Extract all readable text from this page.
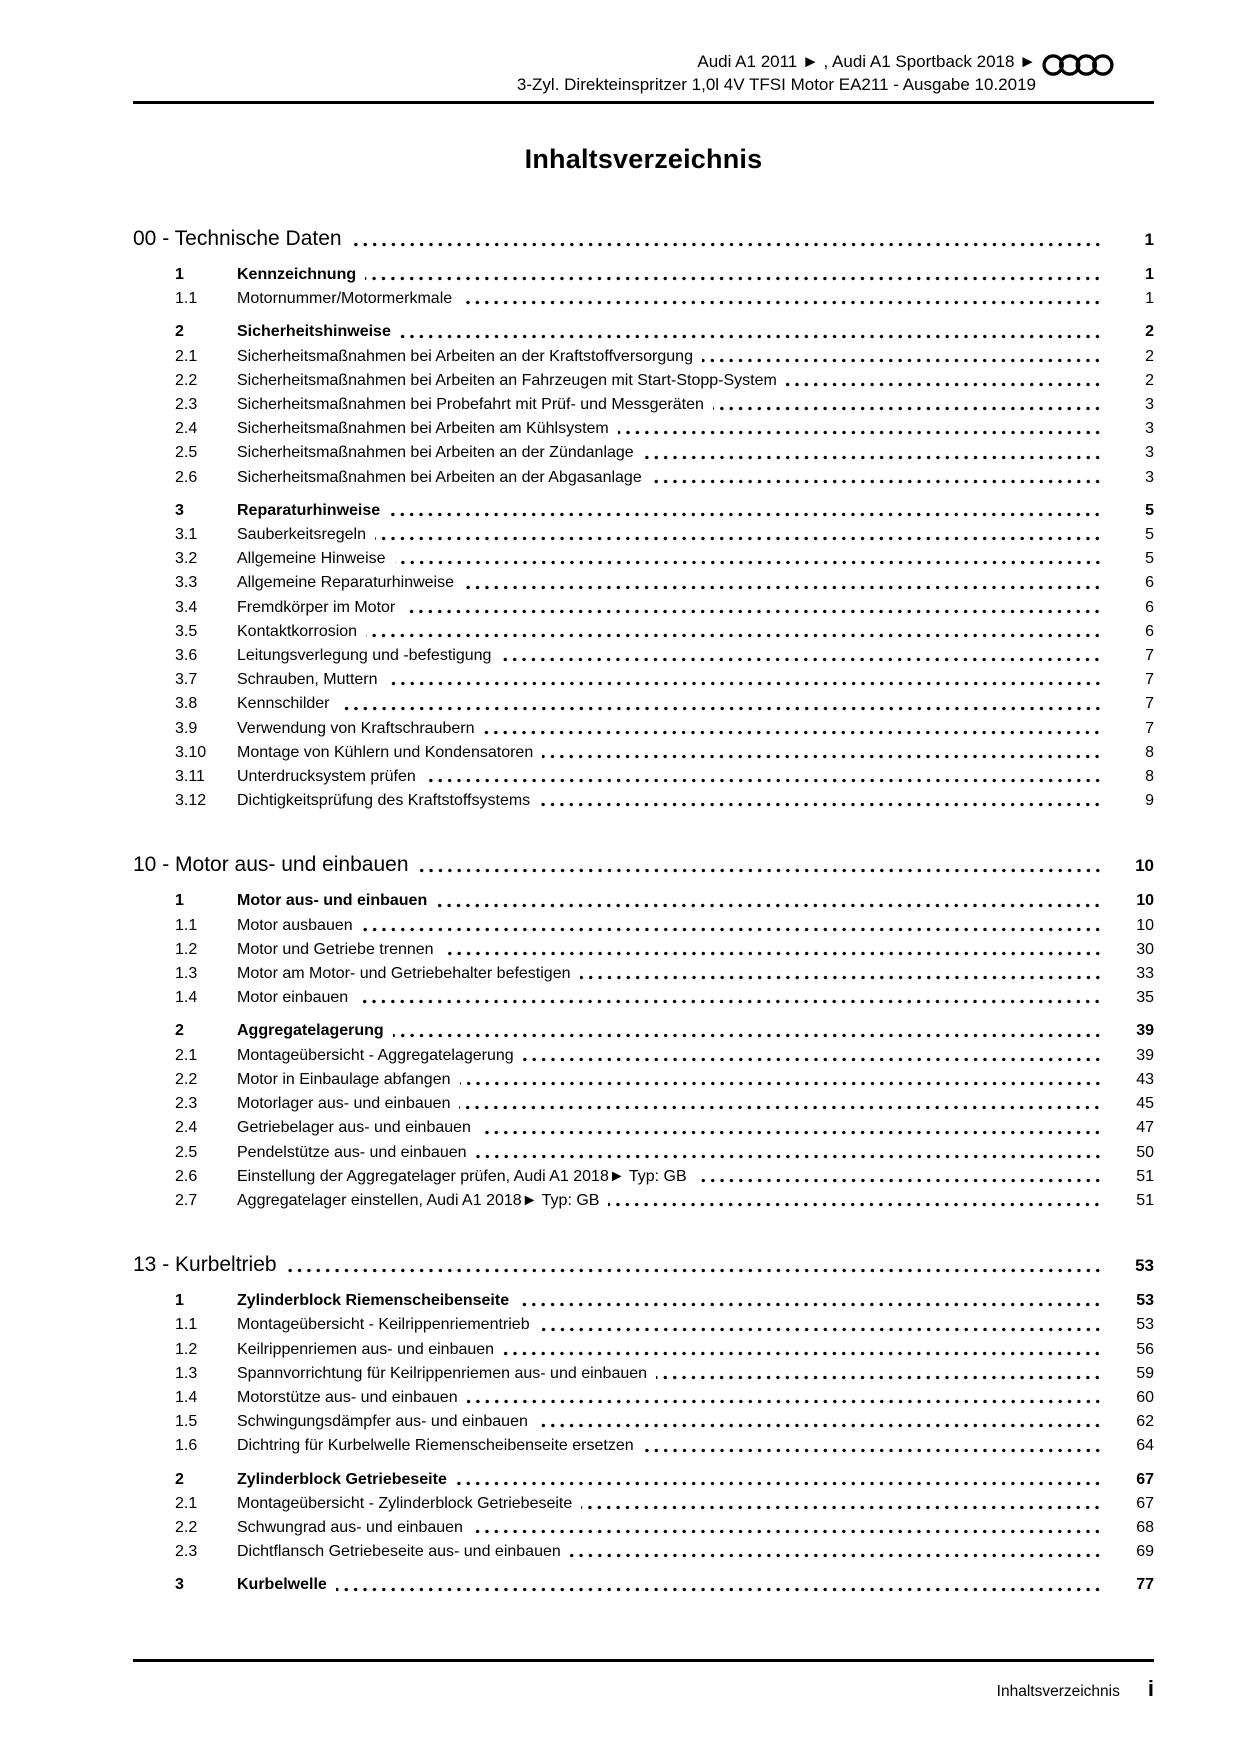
Audi A1 2011 ► , Audi A1 Sportback 2018 ►
3-Zyl. Direkteinspritzer 1,0l 4V TFSI Motor EA211 - Ausgabe 10.2019
Inhaltsverzeichnis
00 - Technische Daten	1
1	Kennzeichnung	1
1.1	Motornummer/Motormerkmale	1
2	Sicherheitshinweise	2
2.1	Sicherheitsmaßnahmen bei Arbeiten an der Kraftstoffversorgung	2
2.2	Sicherheitsmaßnahmen bei Arbeiten an Fahrzeugen mit Start-Stopp-System	2
2.3	Sicherheitsmaßnahmen bei Probefahrt mit Prüf- und Messgeräten	3
2.4	Sicherheitsmaßnahmen bei Arbeiten am Kühlsystem	3
2.5	Sicherheitsmaßnahmen bei Arbeiten an der Zündanlage	3
2.6	Sicherheitsmaßnahmen bei Arbeiten an der Abgasanlage	3
3	Reparaturhinweise	5
3.1	Sauberkeitsregeln	5
3.2	Allgemeine Hinweise	5
3.3	Allgemeine Reparaturhinweise	6
3.4	Fremdkörper im Motor	6
3.5	Kontaktkorrosion	6
3.6	Leitungsverlegung und -befestigung	7
3.7	Schrauben, Muttern	7
3.8	Kennschilder	7
3.9	Verwendung von Kraftschraubern	7
3.10	Montage von Kühlern und Kondensatoren	8
3.11	Unterdrucksystem prüfen	8
3.12	Dichtigkeitsprüfung des Kraftstoffsystems	9
10 - Motor aus- und einbauen	10
1	Motor aus- und einbauen	10
1.1	Motor ausbauen	10
1.2	Motor und Getriebe trennen	30
1.3	Motor am Motor- und Getriebehalter befestigen	33
1.4	Motor einbauen	35
2	Aggregatelagerung	39
2.1	Montageübersicht - Aggregatelagerung	39
2.2	Motor in Einbaulage abfangen	43
2.3	Motorlager aus- und einbauen	45
2.4	Getriebelager aus- und einbauen	47
2.5	Pendelstütze aus- und einbauen	50
2.6	Einstellung der Aggregatelager prüfen, Audi A1 2018► Typ: GB	51
2.7	Aggregatelager einstellen, Audi A1 2018► Typ: GB	51
13 - Kurbeltrieb	53
1	Zylinderblock Riemenscheibenseite	53
1.1	Montageübersicht - Keilrippenriementrieb	53
1.2	Keilrippenriemen aus- und einbauen	56
1.3	Spannvorrichtung für Keilrippenriemen aus- und einbauen	59
1.4	Motorstütze aus- und einbauen	60
1.5	Schwingungsdämpfer aus- und einbauen	62
1.6	Dichtring für Kurbelwelle Riemenscheibenseite ersetzen	64
2	Zylinderblock Getriebeseite	67
2.1	Montageübersicht - Zylinderblock Getriebeseite	67
2.2	Schwungrad aus- und einbauen	68
2.3	Dichtflansch Getriebeseite aus- und einbauen	69
3	Kurbelwelle	77
Inhaltsverzeichnis i
